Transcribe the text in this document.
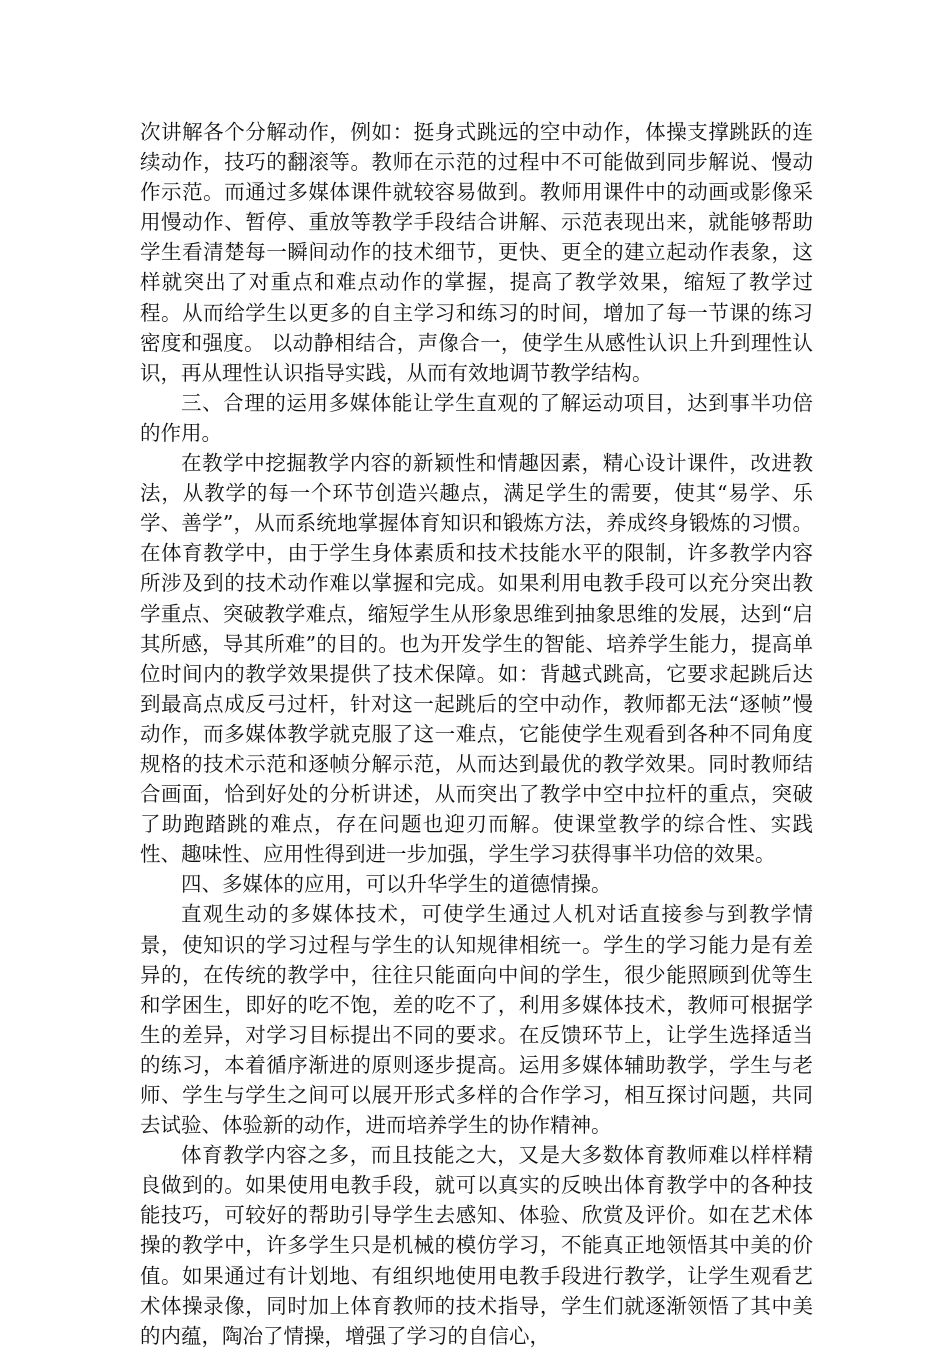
次讲解各个分解动作，例如：挺身式跳远的空中动作，体操支撑跳跃的连续动作，技巧的翻滚等。教师在示范的过程中不可能做到同步解说、慢动作示范。而通过多媒体课件就较容易做到。教师用课件中的动画或影像采用慢动作、暂停、重放等教学手段结合讲解、示范表现出来，就能够帮助学生看清楚每一瞬间动作的技术细节，更快、更全的建立起动作表象，这样就突出了对重点和难点动作的掌握，提高了教学效果，缩短了教学过程。从而给学生以更多的自主学习和练习的时间，增加了每一节课的练习密度和强度。 以动静相结合，声像合一，使学生从感性认识上升到理性认识，再从理性认识指导实践，从而有效地调节教学结构。

三、合理的运用多媒体能让学生直观的了解运动项目，达到事半功倍的作用。

在教学中挖掘教学内容的新颖性和情趣因素，精心设计课件，改进教法，从教学的每一个环节创造兴趣点，满足学生的需要，使其“易学、乐学、善学”，从而系统地掌握体育知识和锻炼方法，养成终身锻炼的习惯。在体育教学中，由于学生身体素质和技术技能水平的限制，许多教学内容所涉及到的技术动作难以掌握和完成。如果利用电教手段可以充分突出教学重点、突破教学难点，缩短学生从形象思维到抽象思维的发展，达到“启其所感，导其所难”的目的。也为开发学生的智能、培养学生能力，提高单位时间内的教学效果提供了技术保障。如：背越式跳高，它要求起跳后达到最高点成反弓过杆，针对这一起跳后的空中动作，教师都无法“逐帧”慢动作，而多媒体教学就克服了这一难点，它能使学生观看到各种不同角度规格的技术示范和逐帧分解示范，从而达到最优的教学效果。同时教师结合画面，恰到好处的分析讲述，从而突出了教学中空中拉杆的重点，突破了助跑踏跳的难点，存在问题也迎刃而解。使课堂教学的综合性、实践性、趣味性、应用性得到进一步加强，学生学习获得事半功倍的效果。

四、多媒体的应用，可以升华学生的道德情操。

直观生动的多媒体技术，可使学生通过人机对话直接参与到教学情景，使知识的学习过程与学生的认知规律相统一。学生的学习能力是有差异的，在传统的教学中，往往只能面向中间的学生，很少能照顾到优等生和学困生，即好的吃不饱，差的吃不了，利用多媒体技术，教师可根据学生的差异，对学习目标提出不同的要求。在反馈环节上，让学生选择适当的练习，本着循序渐进的原则逐步提高。运用多媒体辅助教学，学生与老师、学生与学生之间可以展开形式多样的合作学习，相互探讨问题，共同去试验、体验新的动作，进而培养学生的协作精神。

体育教学内容之多，而且技能之大，又是大多数体育教师难以样样精良做到的。如果使用电教手段，就可以真实的反映出体育教学中的各种技能技巧，可较好的帮助引导学生去感知、体验、欣赏及评价。如在艺术体操的教学中，许多学生只是机械的模仿学习，不能真正地领悟其中美的价值。如果通过有计划地、有组织地使用电教手段进行教学，让学生观看艺术体操录像，同时加上体育教师的技术指导，学生们就逐渐领悟了其中美的内蕴，陶冶了情操，增强了学习的自信心，
